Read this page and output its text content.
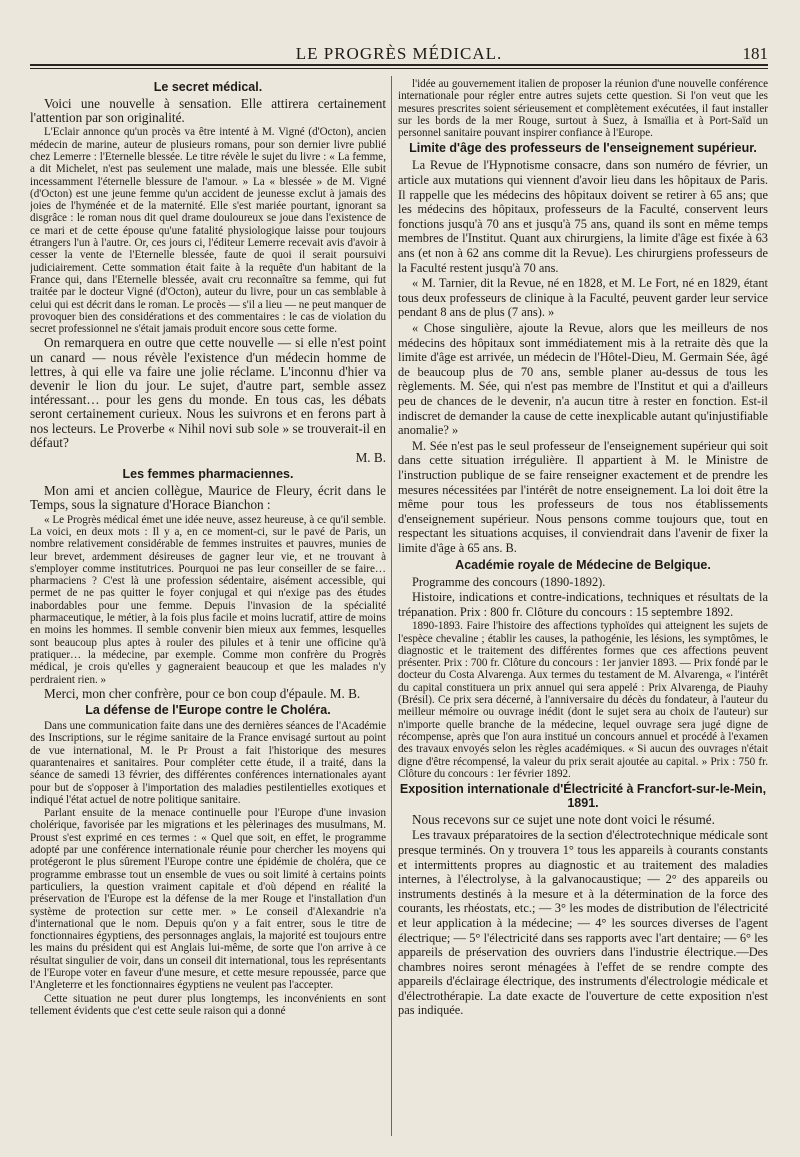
LE PROGRÈS MÉDICAL.	181
Le secret médical.

Voici une nouvelle à sensation. Elle attirera certainement l'attention par son originalité.

L'Eclair annonce qu'un procès va être intenté à M. Vigné (d'Octon), ancien médecin de marine, auteur de plusieurs romans, pour son dernier livre publié chez Lemerre : l'Eternelle blessée. Le titre révèle le sujet du livre : « La femme, a dit Michelet, n'est pas seulement une malade, mais une blessée. Elle subit incessamment l'éternelle blessure de l'amour. » La « blessée » de M. Vigné (d'Octon) est une jeune femme qu'un accident de jeunesse exclut à jamais des joies de l'hyménée et de la maternité. Elle s'est mariée pourtant, ignorant sa disgrâce : le roman nous dit quel drame douloureux se joue dans l'existence de ce mari et de cette épouse qu'une fatalité physiologique laisse pour toujours étrangers l'un à l'autre. Or, ces jours ci, l'éditeur Lemerre recevait avis d'avoir à cesser la vente de l'Eternelle blessée, faute de quoi il serait poursuivi judiciairement. Cette sommation était faite à la requête d'un habitant de la France qui, dans l'Eternelle blessée, avait cru reconnaître sa femme, qui fut traitée par le docteur Vigné (d'Octon), auteur du livre, pour un cas semblable à celui qui est décrit dans le roman. Le procès — s'il a lieu — ne peut manquer de provoquer bien des considérations et des commentaires : le cas de violation du secret professionnel ne s'était jamais produit encore sous cette forme.

On remarquera en outre que cette nouvelle — si elle n'est point un canard — nous révèle l'existence d'un médecin homme de lettres, à qui elle va faire une jolie réclame. L'inconnu d'hier va devenir le lion du jour. Le sujet, d'autre part, semble assez intéressant… pour les gens du monde. En tous cas, les débats seront certainement curieux. Nous les suivrons et en ferons part à nos lecteurs. Le Proverbe « Nihil novi sub sole » se trouverait-il en défaut?

M. B.
Les femmes pharmaciennes.

Mon ami et ancien collègue, Maurice de Fleury, écrit dans le Temps, sous la signature d'Horace Bianchon :

« Le Progrès médical émet une idée neuve, assez heureuse, à ce qu'il semble. La voici, en deux mots : Il y a, en ce moment-ci, sur le pavé de Paris, un nombre relativement considérable de femmes instruites et pauvres, munies de leur brevet, ardemment désireuses de gagner leur vie, et ne trouvant à s'employer comme institutrices. Pourquoi ne pas leur conseiller de se faire… pharmaciens ? C'est là une profession sédentaire, aisément accessible, qui permet de ne pas quitter le foyer conjugal et qui n'exige pas des études inabordables pour une femme. Depuis l'invasion de la spécialité pharmaceutique, le métier, à la fois plus facile et moins lucratif, attire de moins en moins les hommes. Il semble convenir bien mieux aux femmes, lesquelles sont beaucoup plus aptes à rouler des pilules et à tenir une officine qu'à pratiquer… la médecine, par exemple. Comme mon confrère du Progrès médical, je crois qu'elles y gagneraient beaucoup et que les malades n'y perdraient rien. »

Merci, mon cher confrère, pour ce bon coup d'épaule. M. B.

La défense de l'Europe contre le Choléra.

Dans une communication faite dans une des dernières séances de l'Académie des Inscriptions, sur le régime sanitaire de la France envisagé surtout au point de vue international, M. le Pr Proust a fait l'historique des mesures quarantenaires et sanitaires. Pour compléter cette étude, il a traité, dans la séance de samedi 13 février, des différentes conférences internationales ayant pour but de s'opposer à l'importation des maladies pestilentielles exotiques et indiqué l'état actuel de notre politique sanitaire.

Parlant ensuite de la menace continuelle pour l'Europe d'une invasion cholérique, favorisée par les migrations et les pèlerinages des musulmans, M. Proust s'est exprimé en ces termes : « Quel que soit, en effet, le programme adopté par une conférence internationale réunie pour chercher les moyens qui protégeront le plus sûrement l'Europe contre une épidémie de choléra, que ce programme embrasse tout un ensemble de vues ou soit limité à certains points particuliers, la question vraiment capitale et d'où dépend en réalité la préservation de l'Europe est la défense de la mer Rouge et l'installation d'un système de protection sur cette mer. » Le conseil d'Alexandrie n'a d'international que le nom. Depuis qu'on y a fait entrer, sous le titre de fonctionnaires égyptiens, des personnages anglais, la majorité est toujours entre les mains du président qui est Anglais lui-même, de sorte que l'on arrive à ce résultat singulier de voir, dans un conseil dit international, tous les représentants de l'Europe voter en faveur d'une mesure, et cette mesure repoussée, parce que l'Angleterre et les fonctionnaires égyptiens ne veulent pas l'accepter.

Cette situation ne peut durer plus longtemps, les inconvénients en sont tellement évidents que c'est cette seule raison qui a donné

l'idée au gouvernement italien de proposer la réunion d'une nouvelle conférence internationale pour régler entre autres sujets cette question. Si l'on veut que les mesures prescrites soient sérieusement et complètement exécutées, il faut installer sur les bords de la mer Rouge, surtout à Suez, à Ismaïlia et à Port-Saïd un personnel sanitaire pouvant inspirer confiance à l'Europe.

Limite d'âge des professeurs de l'enseignement supérieur.

La Revue de l'Hypnotisme consacre, dans son numéro de février, un article aux mutations qui viennent d'avoir lieu dans les hôpitaux de Paris. Il rappelle que les médecins des hôpitaux doivent se retirer à 65 ans; que les médecins des hôpitaux, professeurs de la Faculté, conservent leurs fonctions jusqu'à 70 ans et jusqu'à 75 ans, quand ils sont en même temps membres de l'Institut. Quant aux chirurgiens, la limite d'âge est fixée à 63 ans (et non à 62 ans comme dit la Revue). Les chirurgiens professeurs de la Faculté restent jusqu'à 70 ans.

« M. Tarnier, dit la Revue, né en 1828, et M. Le Fort, né en 1829, étant tous deux professeurs de clinique à la Faculté, peuvent garder leur service pendant 8 ans de plus (7 ans). »

« Chose singulière, ajoute la Revue, alors que les meilleurs de nos médecins des hôpitaux sont immédiatement mis à la retraite dès que la limite d'âge est arrivée, un médecin de l'Hôtel-Dieu, M. Germain Sée, âgé de beaucoup plus de 70 ans, semble planer au-dessus de tous les règlements. M. Sée, qui n'est pas membre de l'Institut et qui a d'ailleurs peu de chances de le devenir, n'a aucun titre à rester en fonction. Est-il indiscret de demander la cause de cette inexplicable autant qu'injustifiable anomalie? »

M. Sée n'est pas le seul professeur de l'enseignement supérieur qui soit dans cette situation irrégulière. Il appartient à M. le Ministre de l'instruction publique de se faire renseigner exactement et de prendre les mesures nécessitées par l'intérêt de notre enseignement. La loi doit être la même pour tous les professeurs de tous nos établissements d'enseignement supérieur. Nous pensons comme toujours que, tout en respectant les situations acquises, il conviendrait dans l'avenir de fixer la limite d'âge à 65 ans. B.

Académie royale de Médecine de Belgique.

Programme des concours (1890-1892).

Histoire, indications et contre-indications, techniques et résultats de la trépanation. Prix : 800 fr. Clôture du concours : 15 septembre 1892.

1890-1893. Faire l'histoire des affections typhoïdes qui atteignent les sujets de l'espèce chevaline ; établir les causes, la pathogénie, les lésions, les symptômes, le diagnostic et le traitement des différentes formes que ces affections peuvent présenter. Prix : 700 fr. Clôture du concours : 1er janvier 1893. — Prix fondé par le docteur du Costa Alvarenga. Aux termes du testament de M. Alvarenga, « l'intérêt du capital constituera un prix annuel qui sera appelé : Prix Alvarenga, de Piauhy (Brésil). Ce prix sera décerné, à l'anniversaire du décès du fondateur, à l'auteur du meilleur mémoire ou ouvrage inédit (dont le sujet sera au choix de l'auteur) sur n'importe quelle branche de la médecine, lequel ouvrage sera jugé digne de récompense, après que l'on aura institué un concours annuel et procédé à l'examen des travaux envoyés selon les règles académiques. « Si aucun des ouvrages n'était digne d'être récompensé, la valeur du prix serait ajoutée au capital. » Prix : 750 fr. Clôture du concours : 1er février 1892.

Exposition internationale d'Électricité à Francfort-sur-le-Mein, 1891.

Nous recevons sur ce sujet une note dont voici le résumé.

Les travaux préparatoires de la section d'électrotechnique médicale sont presque terminés. On y trouvera 1° tous les appareils à courants constants et intermittents propres au diagnostic et au traitement des maladies internes, à l'électrolyse, à la galvanocaustique; — 2° des appareils ou instruments destinés à la mesure et à la détermination de la force des courants, les rhéostats, etc.; — 3° les modes de distribution de l'électricité et leur application à la médecine; — 4° les sources diverses de l'agent électrique; — 5° l'électricité dans ses rapports avec l'art dentaire; — 6° les appareils de préservation des ouvriers dans l'industrie électrique.—Des chambres noires seront ménagées à l'effet de se rendre compte des appareils d'éclairage électrique, des instruments d'électrologie médicale et d'électrothérapie. La date exacte de l'ouverture de cette exposition n'est pas indiquée.
